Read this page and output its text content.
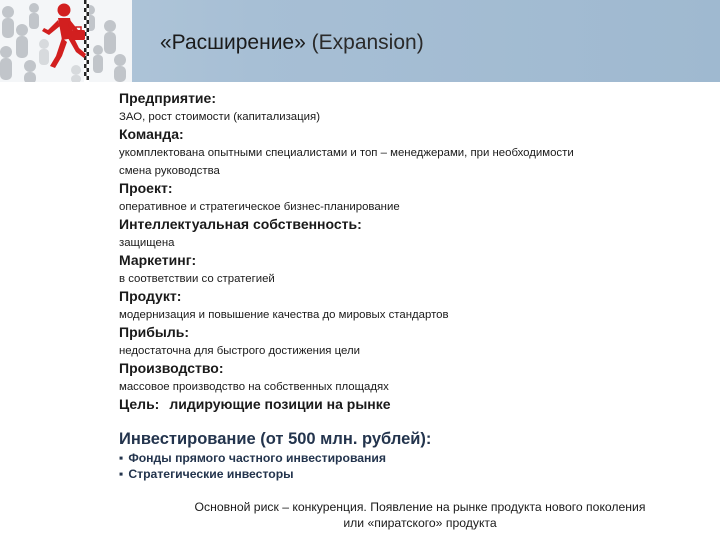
«Расширение» (Expansion)
Предприятие:
ЗАО, рост стоимости (капитализация)
Команда:
укомплектована опытными специалистами и топ – менеджерами, при необходимости
смена руководства
Проект:
оперативное и стратегическое бизнес-планирование
Интеллектуальная собственность:
защищена
Маркетинг:
в соответствии со стратегией
Продукт:
модернизация и повышение качества до мировых стандартов
Прибыль:
недостаточна для быстрого достижения цели
Производство:
массовое производство на собственных площадях
Цель: лидирующие позиции на рынке
Инвестирование (от 500 млн. рублей):
▪ Фонды прямого частного инвестирования
▪ Стратегические инвесторы
Основной риск – конкуренция. Появление на рынке продукта нового поколения
или «пиратского» продукта
